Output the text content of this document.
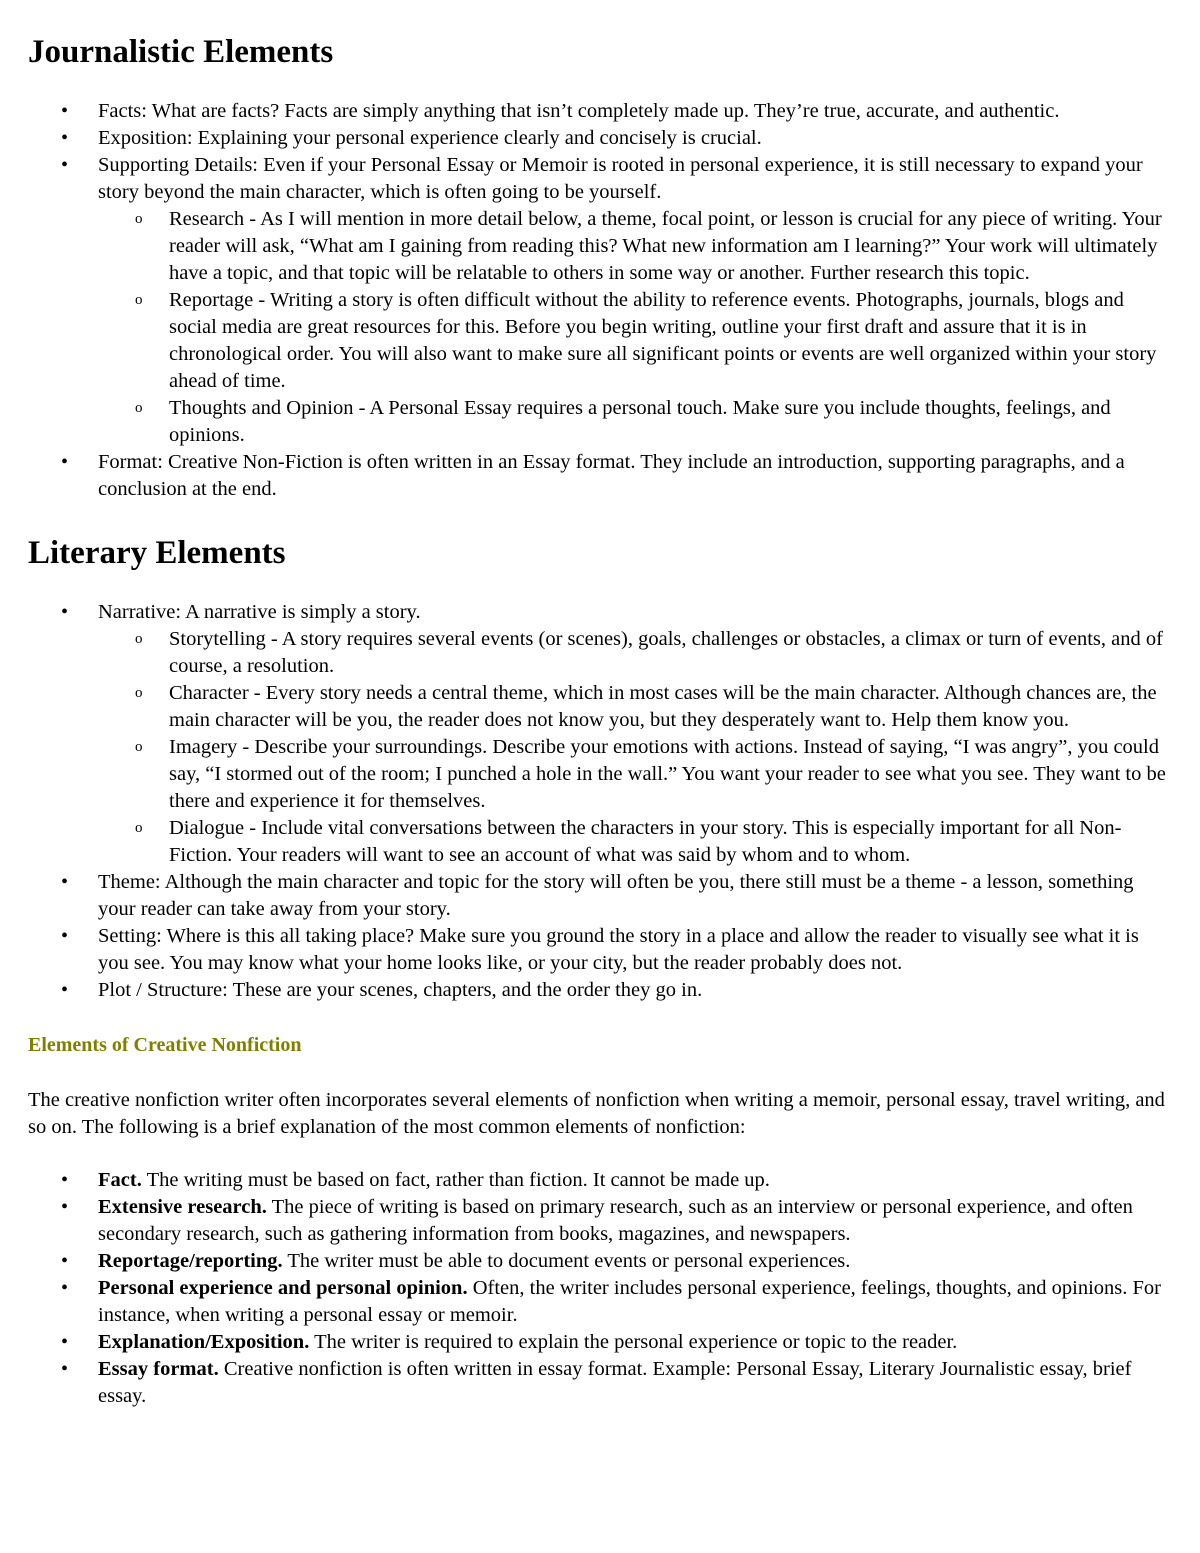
Journalistic Elements
• Facts: What are facts? Facts are simply anything that isn’t completely made up. They’re true, accurate, and authentic.
• Exposition: Explaining your personal experience clearly and concisely is crucial.
• Supporting Details: Even if your Personal Essay or Memoir is rooted in personal experience, it is still necessary to expand your story beyond the main character, which is often going to be yourself.
o Research - As I will mention in more detail below, a theme, focal point, or lesson is crucial for any piece of writing. Your reader will ask, “What am I gaining from reading this? What new information am I learning?” Your work will ultimately have a topic, and that topic will be relatable to others in some way or another. Further research this topic.
o Reportage - Writing a story is often difficult without the ability to reference events. Photographs, journals, blogs and social media are great resources for this. Before you begin writing, outline your first draft and assure that it is in chronological order. You will also want to make sure all significant points or events are well organized within your story ahead of time.
o Thoughts and Opinion - A Personal Essay requires a personal touch. Make sure you include thoughts, feelings, and opinions.
• Format: Creative Non-Fiction is often written in an Essay format. They include an introduction, supporting paragraphs, and a conclusion at the end.
Literary Elements
• Narrative: A narrative is simply a story.
o Storytelling - A story requires several events (or scenes), goals, challenges or obstacles, a climax or turn of events, and of course, a resolution.
o Character - Every story needs a central theme, which in most cases will be the main character. Although chances are, the main character will be you, the reader does not know you, but they desperately want to. Help them know you.
o Imagery - Describe your surroundings. Describe your emotions with actions. Instead of saying, “I was angry”, you could say, “I stormed out of the room; I punched a hole in the wall.” You want your reader to see what you see. They want to be there and experience it for themselves.
o Dialogue - Include vital conversations between the characters in your story. This is especially important for all Non-Fiction. Your readers will want to see an account of what was said by whom and to whom.
• Theme: Although the main character and topic for the story will often be you, there still must be a theme - a lesson, something your reader can take away from your story.
• Setting: Where is this all taking place? Make sure you ground the story in a place and allow the reader to visually see what it is you see. You may know what your home looks like, or your city, but the reader probably does not.
• Plot / Structure: These are your scenes, chapters, and the order they go in.
Elements of Creative Nonfiction

The creative nonfiction writer often incorporates several elements of nonfiction when writing a memoir, personal essay, travel writing, and so on. The following is a brief explanation of the most common elements of nonfiction:

• Fact. The writing must be based on fact, rather than fiction. It cannot be made up.
• Extensive research. The piece of writing is based on primary research, such as an interview or personal experience, and often secondary research, such as gathering information from books, magazines, and newspapers.
• Reportage/reporting. The writer must be able to document events or personal experiences.
• Personal experience and personal opinion. Often, the writer includes personal experience, feelings, thoughts, and opinions. For instance, when writing a personal essay or memoir.
• Explanation/Exposition. The writer is required to explain the personal experience or topic to the reader.
• Essay format. Creative nonfiction is often written in essay format. Example: Personal Essay, Literary Journalistic essay, brief essay.
